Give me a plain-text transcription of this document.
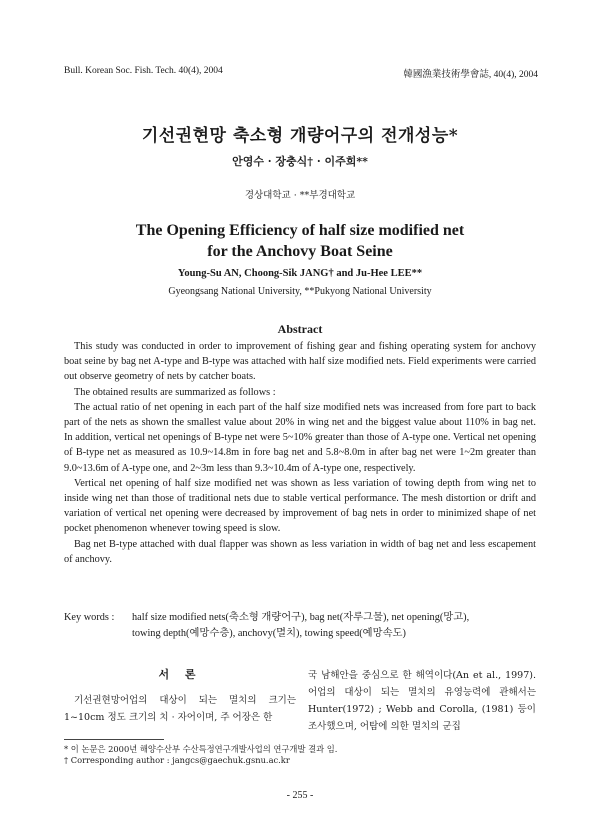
Bull. Korean Soc. Fish. Tech. 40(4), 2004	韓國漁業技術學會誌, 40(4), 2004
기선권현망 축소형 개량어구의 전개성능*
안영수 · 장충식† · 이주희**
경상대학교 · **부경대학교
The Opening Efficiency of half size modified net
for the Anchovy Boat Seine
Young-Su AN, Choong-Sik JANG† and Ju-Hee LEE**
Gyeongsang National University, **Pukyong National University
Abstract

This study was conducted in order to improvement of fishing gear and fishing operating system for anchovy boat seine by bag net A-type and B-type was attached with half size modified nets. Field experiments were carried out observe geometry of nets by catcher boats.

The obtained results are summarized as follows :

The actual ratio of net opening in each part of the half size modified nets was increased from fore part to back part of the nets as shown the smallest value about 20% in wing net and the biggest value about 110% in bag net. In addition, vertical net openings of B-type net were 5~10% greater than those of A-type one. Vertical net opening of B-type net as measured as 10.9~14.8m in fore bag net and 5.8~8.0m in after bag net were 1~2m greater than 9.0~13.6m of A-type one, and 2~3m less than 9.3~10.4m of A-type one, respectively.

Vertical net opening of half size modified net was shown as less variation of towing depth from wing net to inside wing net than those of traditional nets due to stable vertical performance. The mesh distortion or drift and variation of vertical net opening were decreased by improvement of bag nets in order to minimized shape of net pocket phenomenon whenever towing speed is slow.

Bag net B-type attached with dual flapper was shown as less variation in width of bag net and less escapement of anchovy.

Key words : half size modified nets(축소형 개량어구), bag net(자루그물), net opening(망고),
towing depth(예망수층), anchovy(멸치), towing speed(예망속도)
서 론

기선권현망어업의 대상이 되는 멸치의 크기는 1~10cm 정도 크기의 치 · 자어이며, 주 어장은 한

국 남해안을 중심으로 한 해역이다(An et al., 1997). 어업의 대상이 되는 멸치의 유영능력에 관해서는 Hunter(1972) ; Webb and Corolla, (1981) 등이 조사했으며, 어탐에 의한 멸치의 군집

* 이 논문은 2000년 해양수산부 수산특정연구개발사업의 연구개발 결과 임.
† Corresponding author : jangcs@gaechuk.gsnu.ac.kr
- 255 -
